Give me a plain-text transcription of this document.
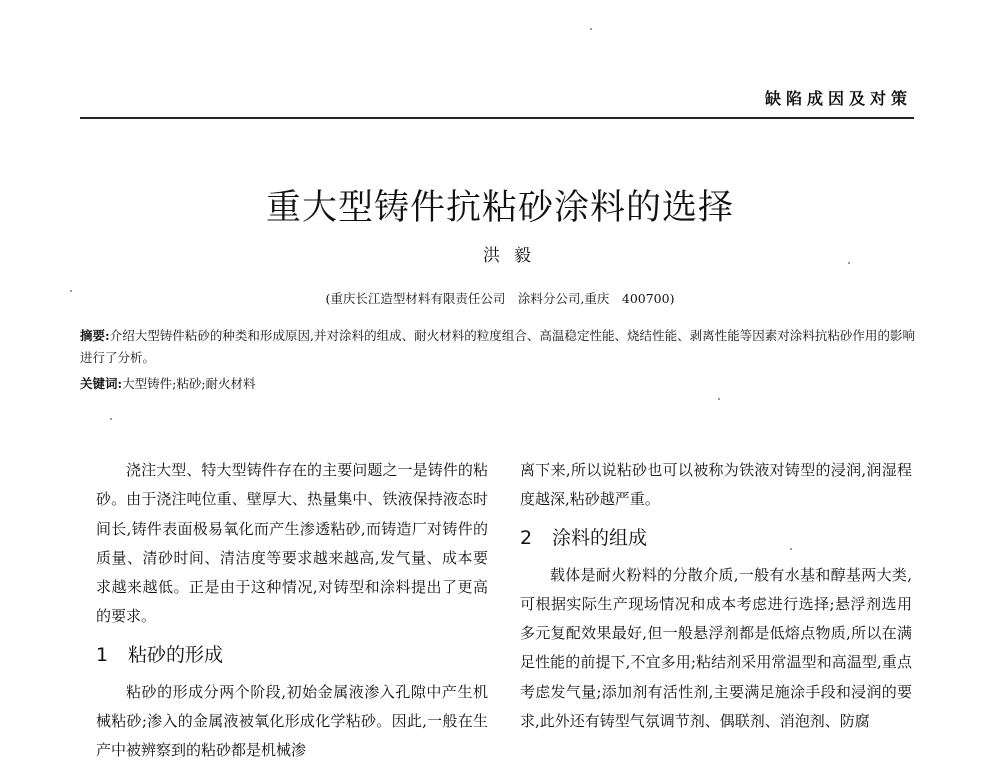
缺陷成因及对策
重大型铸件抗粘砂涂料的选择
洪毅
(重庆长江造型材料有限责任公司　涂料分公司,重庆　400700)
摘要:介绍大型铸件粘砂的种类和形成原因,并对涂料的组成、耐火材料的粒度组合、高温稳定性能、烧结性能、剥离性能等因素对涂料抗粘砂作用的影响进行了分析。
关键词:大型铸件;粘砂;耐火材料

浇注大型、特大型铸件存在的主要问题之一是铸件的粘砂。由于浇注吨位重、壁厚大、热量集中、铁液保持液态时间长,铸件表面极易氧化而产生渗透粘砂,而铸造厂对铸件的质量、清砂时间、清洁度等要求越来越高,发气量、成本要求越来越低。正是由于这种情况,对铸型和涂料提出了更高的要求。

1 粘砂的形成

粘砂的形成分两个阶段,初始金属液渗入孔隙中产生机械粘砂;渗入的金属液被氧化形成化学粘砂。因此,一般在生产中被辨察到的粘砂都是机械渗

离下来,所以说粘砂也可以被称为铁液对铸型的浸润,润湿程度越深,粘砂越严重。

2 涂料的组成

载体是耐火粉料的分散介质,一般有水基和醇基两大类,可根据实际生产现场情况和成本考虑进行选择;悬浮剂选用多元复配效果最好,但一般悬浮剂都是低熔点物质,所以在满足性能的前提下,不宜多用;粘结剂采用常温型和高温型,重点考虑发气量;添加剂有活性剂,主要满足施涂手段和浸润的要求,此外还有铸型气氛调节剂、偶联剂、消泡剂、防腐
